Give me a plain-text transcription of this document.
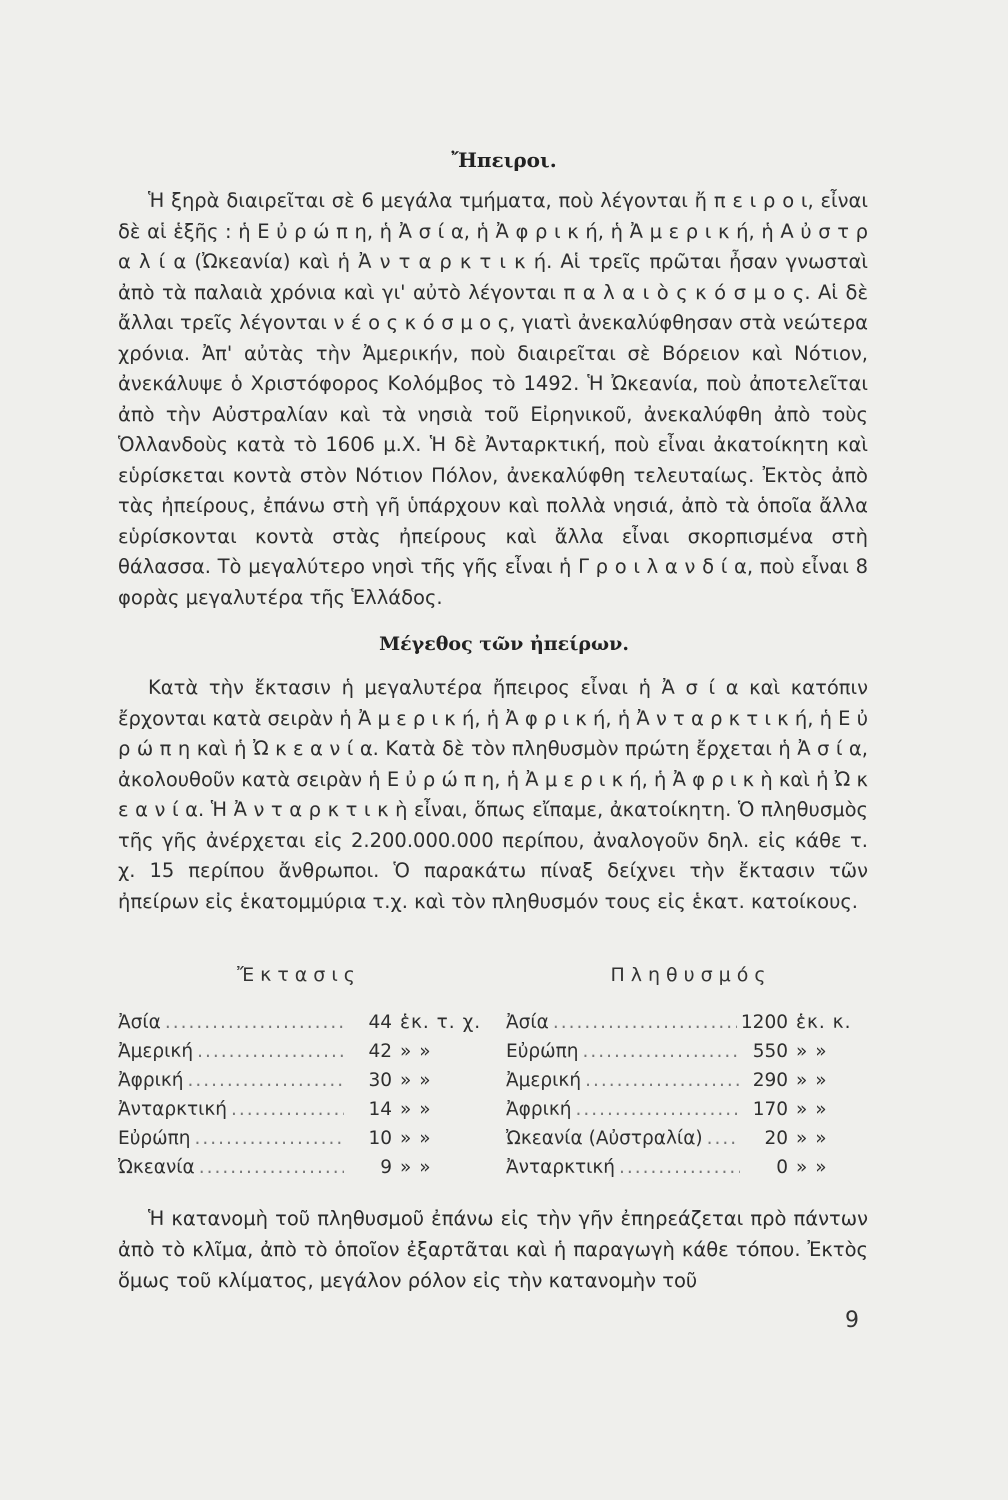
Ἤπειροι.

Ἡ ξηρὰ διαιρεῖται σὲ 6 μεγάλα τμήματα, ποὺ λέγονται ἤ π ε ι ρ ο ι, εἶναι δὲ αἱ ἑξῆς : ἡ Ε ὐ ρ ώ π η, ἡ Ἀ σ ί α, ἡ Ἀ φ ρ ι κ ή, ἡ Ἀ μ ε ρ ι κ ή, ἡ Α ὐ σ τ ρ α λ ί α (Ὠκεανία) καὶ ἡ Ἀ ν τ α ρ κ τ ι κ ή. Αἱ τρεῖς πρῶται ἦσαν γνωσταὶ ἀπὸ τὰ παλαιὰ χρόνια καὶ γι' αὐτὸ λέγονται π α λ α ι ὸ ς κ ό σ μ ο ς. Αἱ δὲ ἄλλαι τρεῖς λέγονται ν έ ο ς κ ό σ μ ο ς, γιατὶ ἀνεκαλύφθησαν στὰ νεώτερα χρόνια. Ἀπ' αὐτὰς τὴν Ἀμερικήν, ποὺ διαιρεῖται σὲ Βόρειον καὶ Νότιον, ἀνεκάλυψε ὁ Χριστόφορος Κολόμβος τὸ 1492. Ἡ Ὠκεανία, ποὺ ἀποτελεῖται ἀπὸ τὴν Αὐστραλίαν καὶ τὰ νησιὰ τοῦ Εἰρηνικοῦ, ἀνεκαλύφθη ἀπὸ τοὺς Ὁλλανδοὺς κατὰ τὸ 1606 μ.Χ. Ἡ δὲ Ἀνταρκτική, ποὺ εἶναι ἀκατοίκητη καὶ εὑρίσκεται κοντὰ στὸν Νότιον Πόλον, ἀνεκαλύφθη τελευταίως. Ἐκτὸς ἀπὸ τὰς ἠπείρους, ἐπάνω στὴ γῆ ὑπάρχουν καὶ πολλὰ νησιά, ἀπὸ τὰ ὁποῖα ἄλλα εὑρίσκονται κοντὰ στὰς ἠπείρους καὶ ἄλλα εἶναι σκορπισμένα στὴ θάλασσα. Τὸ μεγαλύτερο νησὶ τῆς γῆς εἶναι ἡ Γ ρ ο ι λ α ν δ ί α, ποὺ εἶναι 8 φορὰς μεγαλυτέρα τῆς Ἑλλάδος.

Μέγεθος τῶν ἠπείρων.

Κατὰ τὴν ἔκτασιν ἡ μεγαλυτέρα ἤπειρος εἶναι ἡ Ἀ σ ί α καὶ κατόπιν ἔρχονται κατὰ σειρὰν ἡ Ἀ μ ε ρ ι κ ή, ἡ Ἀ φ ρ ι κ ή, ἡ Ἀ ν τ α ρ κ τ ι κ ή, ἡ Ε ὐ ρ ώ π η καὶ ἡ Ὠ κ ε α ν ί α. Κατὰ δὲ τὸν πληθυσμὸν πρώτη ἔρχεται ἡ Ἀ σ ί α, ἀκολουθοῦν κατὰ σειρὰν ἡ Ε ὐ ρ ώ π η, ἡ Ἀ μ ε ρ ι κ ή, ἡ Ἀ φ ρ ι κ ὴ καὶ ἡ Ὠ κ ε α ν ί α. Ἡ Ἀ ν τ α ρ κ τ ι κ ὴ εἶναι, ὅπως εἴπαμε, ἀκατοίκητη. Ὁ πληθυσμὸς τῆς γῆς ἀνέρχεται εἰς 2.200.000.000 περίπου, ἀναλογοῦν δηλ. εἰς κάθε τ. χ. 15 περίπου ἄνθρωποι. Ὁ παρακάτω πίναξ δείχνει τὴν ἔκτασιν τῶν ἠπείρων εἰς ἑκατομμύρια τ.χ. καὶ τὸν πληθυσμόν τους εἰς ἑκατ. κατοίκους.

Ἔκτασις
Ἀσία .....	44 ἑκ. τ. χ.
Ἀμερική .....	42 » »
Ἀφρική .....	30 » »
Ἀνταρκτική .....	14 » »
Εὐρώπη .....	10 » »
Ὠκεανία .....	9 » »
Πληθυσμός
Ἀσία .....	1200 ἑκ. κ.
Εὐρώπη .....	550 » »
Ἀμερική .....	290 » »
Ἀφρική .....	170 » »
Ὠκεανία (Αὐστραλία) .....	20 » »
Ἀνταρκτική .....	0 » »

Ἡ κατανομὴ τοῦ πληθυσμοῦ ἐπάνω εἰς τὴν γῆν ἐπηρεάζεται πρὸ πάντων ἀπὸ τὸ κλῖμα, ἀπὸ τὸ ὁποῖον ἐξαρτᾶται καὶ ἡ παραγωγὴ κάθε τόπου. Ἐκτὸς ὅμως τοῦ κλίματος, μεγάλον ρόλον εἰς τὴν κατανομὴν τοῦ

9
